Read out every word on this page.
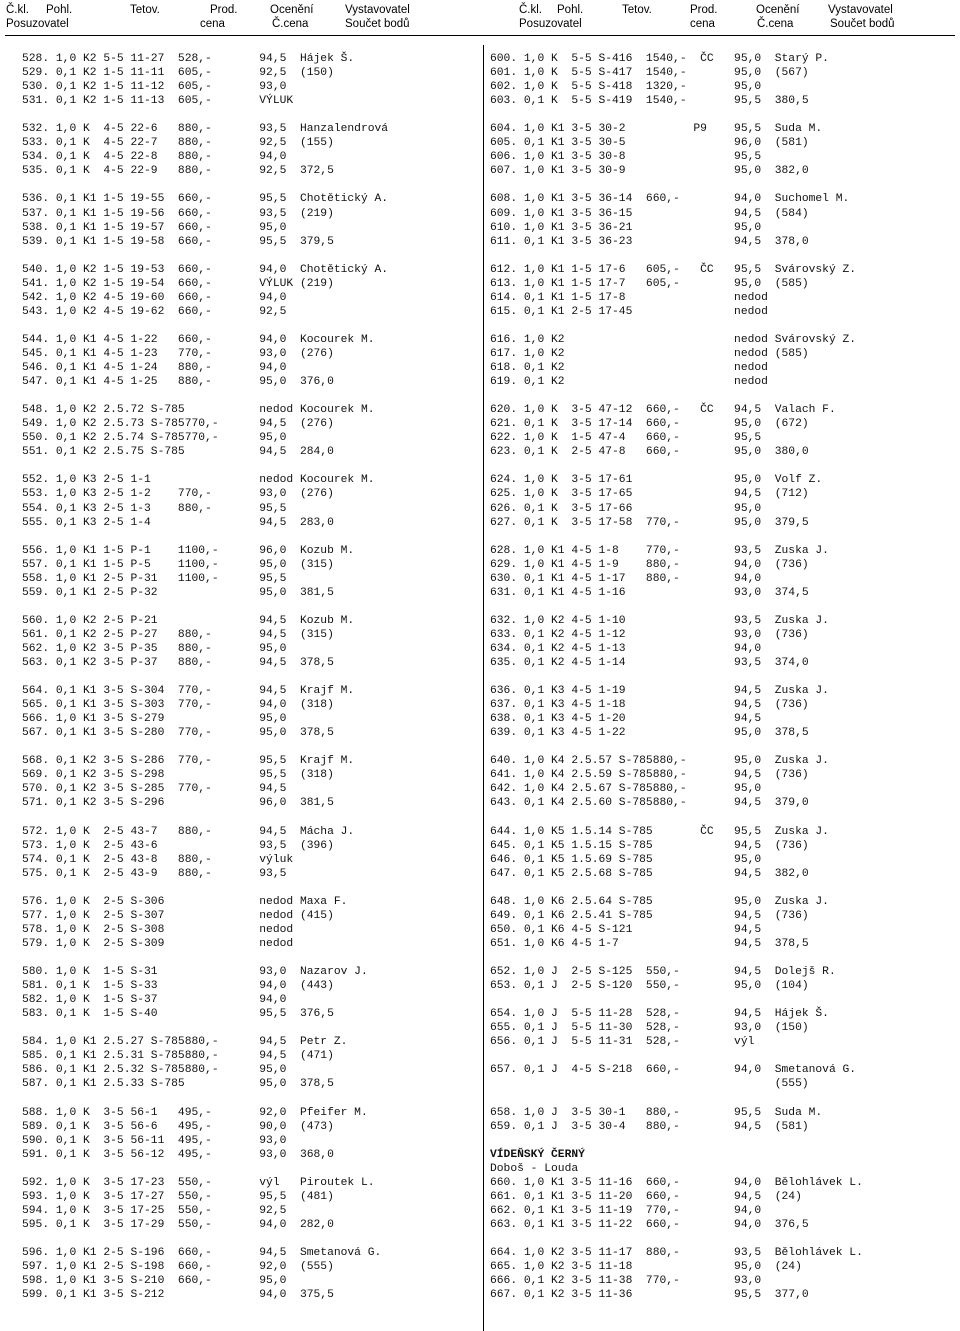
Č.kl. Pohl.	Tetov.	Prod.	Ocenění	Vystavovatel
Posuzovatel	cena	Č.cena	Součet bodů
Č.kl. Pohl.	Tetov.	Prod.	Ocenění Vystavovatel
Posuzovatel	cena	Č.cena	Součet bodů
528. 1,0 K2 5-5 11-27  528,-       94,5  Hájek Š.
529. 0,1 K2 1-5 11-11  605,-       92,5  (150)
530. 0,1 K2 1-5 11-12  605,-       93,0
531. 0,1 K2 1-5 11-13  605,-       VÝLUK
532. 1,0 K  4-5 22-6   880,-       93,5  Hanzalendrová
533. 0,1 K  4-5 22-7   880,-       92,5  (155)
534. 0,1 K  4-5 22-8   880,-       94,0
535. 0,1 K  4-5 22-9   880,-       92,5  372,5
536. 0,1 K1 1-5 19-55  660,-       95,5  Chotětický A.
537. 0,1 K1 1-5 19-56  660,-       93,5  (219)
538. 0,1 K1 1-5 19-57  660,-       95,0
539. 0,1 K1 1-5 19-58  660,-       95,5  379,5
540. 1,0 K2 1-5 19-53  660,-       94,0  Chotětický A.
541. 1,0 K2 1-5 19-54  660,-       VÝLUK (219)
542. 1,0 K2 4-5 19-60  660,-       94,0
543. 1,0 K2 4-5 19-62  660,-       92,5
544. 1,0 K1 4-5 1-22   660,-       94,0  Kocourek M.
545. 0,1 K1 4-5 1-23   770,-       93,0  (276)
546. 0,1 K1 4-5 1-24   880,-       94,0
547. 0,1 K1 4-5 1-25   880,-       95,0  376,0
548. 1,0 K2 2.5.72 S-785           nedod Kocourek M.
549. 1,0 K2 2.5.73 S-785770,-      94,5  (276)
550. 0,1 K2 2.5.74 S-785770,-      95,0
551. 0,1 K2 2.5.75 S-785           94,5  284,0
552. 1,0 K3 2-5 1-1                nedod Kocourek M.
553. 1,0 K3 2-5 1-2    770,-       93,0  (276)
554. 0,1 K3 2-5 1-3    880,-       95,5
555. 0,1 K3 2-5 1-4                94,5  283,0
556. 1,0 K1 1-5 P-1    1100,-      96,0  Kozub M.
557. 0,1 K1 1-5 P-5    1100,-      95,0  (315)
558. 1,0 K1 2-5 P-31   1100,-      95,5
559. 0,1 K1 2-5 P-32               95,0  381,5
560. 1,0 K2 2-5 P-21               94,5  Kozub M.
561. 0,1 K2 2-5 P-27   880,-       94,5  (315)
562. 1,0 K2 3-5 P-35   880,-       95,0
563. 0,1 K2 3-5 P-37   880,-       94,5  378,5
564. 0,1 K1 3-5 S-304  770,-       94,5  Krajf M.
565. 0,1 K1 3-5 S-303  770,-       94,0  (318)
566. 1,0 K1 3-5 S-279              95,0
567. 0,1 K1 3-5 S-280  770,-       95,0  378,5
568. 0,1 K2 3-5 S-286  770,-       95,5  Krajf M.
569. 0,1 K2 3-5 S-298              95,5  (318)
570. 0,1 K2 3-5 S-285  770,-       94,5
571. 0,1 K2 3-5 S-296              96,0  381,5
572. 1,0 K  2-5 43-7   880,-       94,5  Mácha J.
573. 1,0 K  2-5 43-6               93,5  (396)
574. 0,1 K  2-5 43-8   880,-       výluk
575. 0,1 K  2-5 43-9   880,-       93,5
576. 1,0 K  2-5 S-306              nedod Maxa F.
577. 1,0 K  2-5 S-307              nedod (415)
578. 1,0 K  2-5 S-308              nedod
579. 1,0 K  2-5 S-309              nedod
580. 1,0 K  1-5 S-31               93,0  Nazarov J.
581. 0,1 K  1-5 S-33               94,0  (443)
582. 1,0 K  1-5 S-37               94,0
583. 0,1 K  1-5 S-40               95,5  376,5
584. 1,0 K1 2.5.27 S-785880,-      94,5  Petr Z.
585. 0,1 K1 2.5.31 S-785880,-      94,5  (471)
586. 0,1 K1 2.5.32 S-785880,-      95,0
587. 0,1 K1 2.5.33 S-785           95,0  378,5
588. 1,0 K  3-5 56-1   495,-       92,0  Pfeifer M.
589. 0,1 K  3-5 56-6   495,-       90,0  (473)
590. 0,1 K  3-5 56-11  495,-       93,0
591. 0,1 K  3-5 56-12  495,-       93,0  368,0
592. 1,0 K  3-5 17-23  550,-       výl   Piroutek L.
593. 1,0 K  3-5 17-27  550,-       95,5  (481)
594. 1,0 K  3-5 17-25  550,-       92,5
595. 0,1 K  3-5 17-29  550,-       94,0  282,0
596. 1,0 K1 2-5 S-196  660,-       94,5  Smetanová G.
597. 1,0 K1 2-5 S-198  660,-       92,0  (555)
598. 1,0 K1 3-5 S-210  660,-       95,0
599. 0,1 K1 3-5 S-212              94,0  375,5
600. 1,0 K  5-5 S-416  1540,-  ČC   95,0  Starý P.
601. 1,0 K  5-5 S-417  1540,-       95,0  (567)
602. 1,0 K  5-5 S-418  1320,-       95,0
603. 0,1 K  5-5 S-419  1540,-       95,5  380,5
604. 1,0 K1 3-5 30-2          P9    95,5  Suda M.
605. 0,1 K1 3-5 30-5                96,0  (581)
606. 1,0 K1 3-5 30-8                95,5
607. 1,0 K1 3-5 30-9                95,0  382,0
608. 1,0 K1 3-5 36-14  660,-        94,0  Suchomel M.
609. 1,0 K1 3-5 36-15               94,5  (584)
610. 1,0 K1 3-5 36-21               95,0
611. 0,1 K1 3-5 36-23               94,5  378,0
612. 1,0 K1 1-5 17-6   605,-   ČC   95,5  Svárovský Z.
613. 1,0 K1 1-5 17-7   605,-        95,0  (585)
614. 0,1 K1 1-5 17-8                nedod
615. 0,1 K1 2-5 17-45               nedod
616. 1,0 K2                         nedod Svárovský Z.
617. 1,0 K2                         nedod (585)
618. 0,1 K2                         nedod
619. 0,1 K2                         nedod
620. 1,0 K  3-5 47-12  660,-   ČC   94,5  Valach F.
621. 0,1 K  3-5 17-14  660,-        95,0  (672)
622. 1,0 K  1-5 47-4   660,-        95,5
623. 0,1 K  2-5 47-8   660,-        95,0  380,0
624. 1,0 K  3-5 17-61               95,0  Volf Z.
625. 1,0 K  3-5 17-65               94,5  (712)
626. 0,1 K  3-5 17-66               95,0
627. 0,1 K  3-5 17-58  770,-        95,0  379,5
628. 1,0 K1 4-5 1-8    770,-        93,5  Zuska J.
629. 1,0 K1 4-5 1-9    880,-        94,0  (736)
630. 0,1 K1 4-5 1-17   880,-        94,0
631. 0,1 K1 4-5 1-16                93,0  374,5
632. 1,0 K2 4-5 1-10                93,5  Zuska J.
633. 0,1 K2 4-5 1-12                93,0  (736)
634. 0,1 K2 4-5 1-13                94,0
635. 0,1 K2 4-5 1-14                93,5  374,0
636. 0,1 K3 4-5 1-19                94,5  Zuska J.
637. 0,1 K3 4-5 1-18                94,5  (736)
638. 0,1 K3 4-5 1-20                94,5
639. 0,1 K3 4-5 1-22                95,0  378,5
640. 1,0 K4 2.5.57 S-785880,-       95,0  Zuska J.
641. 1,0 K4 2.5.59 S-785880,-       94,5  (736)
642. 1,0 K4 2.5.67 S-785880,-       95,0
643. 0,1 K4 2.5.60 S-785880,-       94,5  379,0
644. 1,0 K5 1.5.14 S-785       ČC   95,5  Zuska J.
645. 0,1 K5 1.5.15 S-785            94,5  (736)
646. 0,1 K5 1.5.69 S-785            95,0
647. 0,1 K5 2.5.68 S-785            94,5  382,0
648. 1,0 K6 2.5.64 S-785            95,0  Zuska J.
649. 0,1 K6 2.5.41 S-785            94,5  (736)
650. 0,1 K6 4-5 S-121               94,5
651. 1,0 K6 4-5 1-7                 94,5  378,5
652. 1,0 J  2-5 S-125  550,-        94,5  Dolejš R.
653. 0,1 J  2-5 S-120  550,-        95,0  (104)
654. 1,0 J  5-5 11-28  528,-        94,5  Hájek Š.
655. 0,1 J  5-5 11-30  528,-        93,0  (150)
656. 0,1 J  5-5 11-31  528,-        výl
657. 0,1 J  4-5 S-218  660,-        94,0  Smetanová G.
(555)
658. 1,0 J  3-5 30-1   880,-        95,5  Suda M.
659. 0,1 J  3-5 30-4   880,-        94,5  (581)
VÍDEŇSKÝ ČERNÝ
Doboš - Louda
660. 1,0 K1 3-5 11-16  660,-        94,0  Bělohlávek L.
661. 0,1 K1 3-5 11-20  660,-        94,5  (24)
662. 0,1 K1 3-5 11-19  770,-        94,0
663. 0,1 K1 3-5 11-22  660,-        94,0  376,5
664. 1,0 K2 3-5 11-17  880,-        93,5  Bělohlávek L.
665. 1,0 K2 3-5 11-18               95,0  (24)
666. 0,1 K2 3-5 11-38  770,-        93,0
667. 0,1 K2 3-5 11-36               95,5  377,0
